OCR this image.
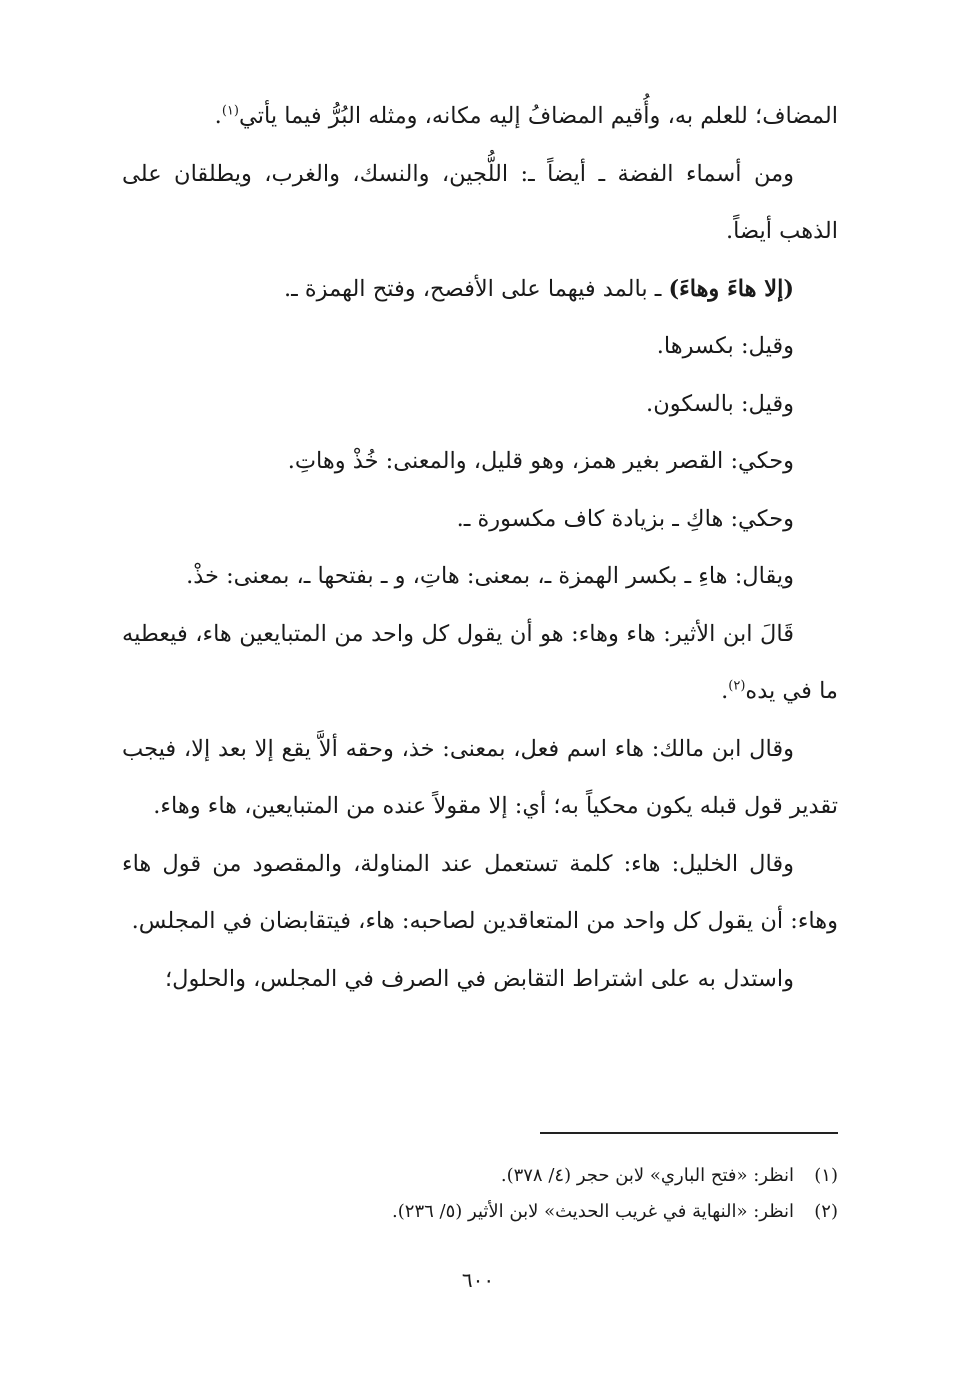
المضاف؛ للعلم به، وأُقيم المضافُ إليه مكانه، ومثله البُرُّ فيما يأتي$^{(١)}$.

ومن أسماء الفضة ـ أيضاً ـ: اللُّجين، والنسك، والغرب، ويطلقان على الذهب أيضاً.

(إلا هاءَ وهاءَ) ـ بالمد فيهما على الأفصح، وفتح الهمزة ـ.

وقيل: بكسرها.

وقيل: بالسكون.

وحكي: القصر بغير همز، وهو قليل، والمعنى: خُذْ وهاتِ.

وحكي: هاكِ ـ بزيادة كاف مكسورة ـ.

ويقال: هاءِ ـ بكسر الهمزة ـ، بمعنى: هاتِ، و ـ بفتحها ـ، بمعنى: خذْ.

قَالَ ابن الأثير: هاء وهاء: هو أن يقول كل واحد من المتبايعين هاء، فيعطيه ما في يده$^{(٢)}$.

وقال ابن مالك: هاء اسم فعل، بمعنى: خذ، وحقه ألاَّ يقع إلا بعد إلا، فيجب تقدير قول قبله يكون محكياً به؛ أي: إلا مقولاً عنده من المتبايعين، هاء وهاء.

وقال الخليل: هاء: كلمة تستعمل عند المناولة، والمقصود من قول هاء وهاء: أن يقول كل واحد من المتعاقدين لصاحبه: هاء، فيتقابضان في المجلس.

واستدل به على اشتراط التقابض في الصرف في المجلس، والحلول؛

(١)انظر: «فتح الباري» لابن حجر (٤/ ٣٧٨).

(٢)انظر: «النهاية في غريب الحديث» لابن الأثير (٥/ ٢٣٦).

٦٠٠
